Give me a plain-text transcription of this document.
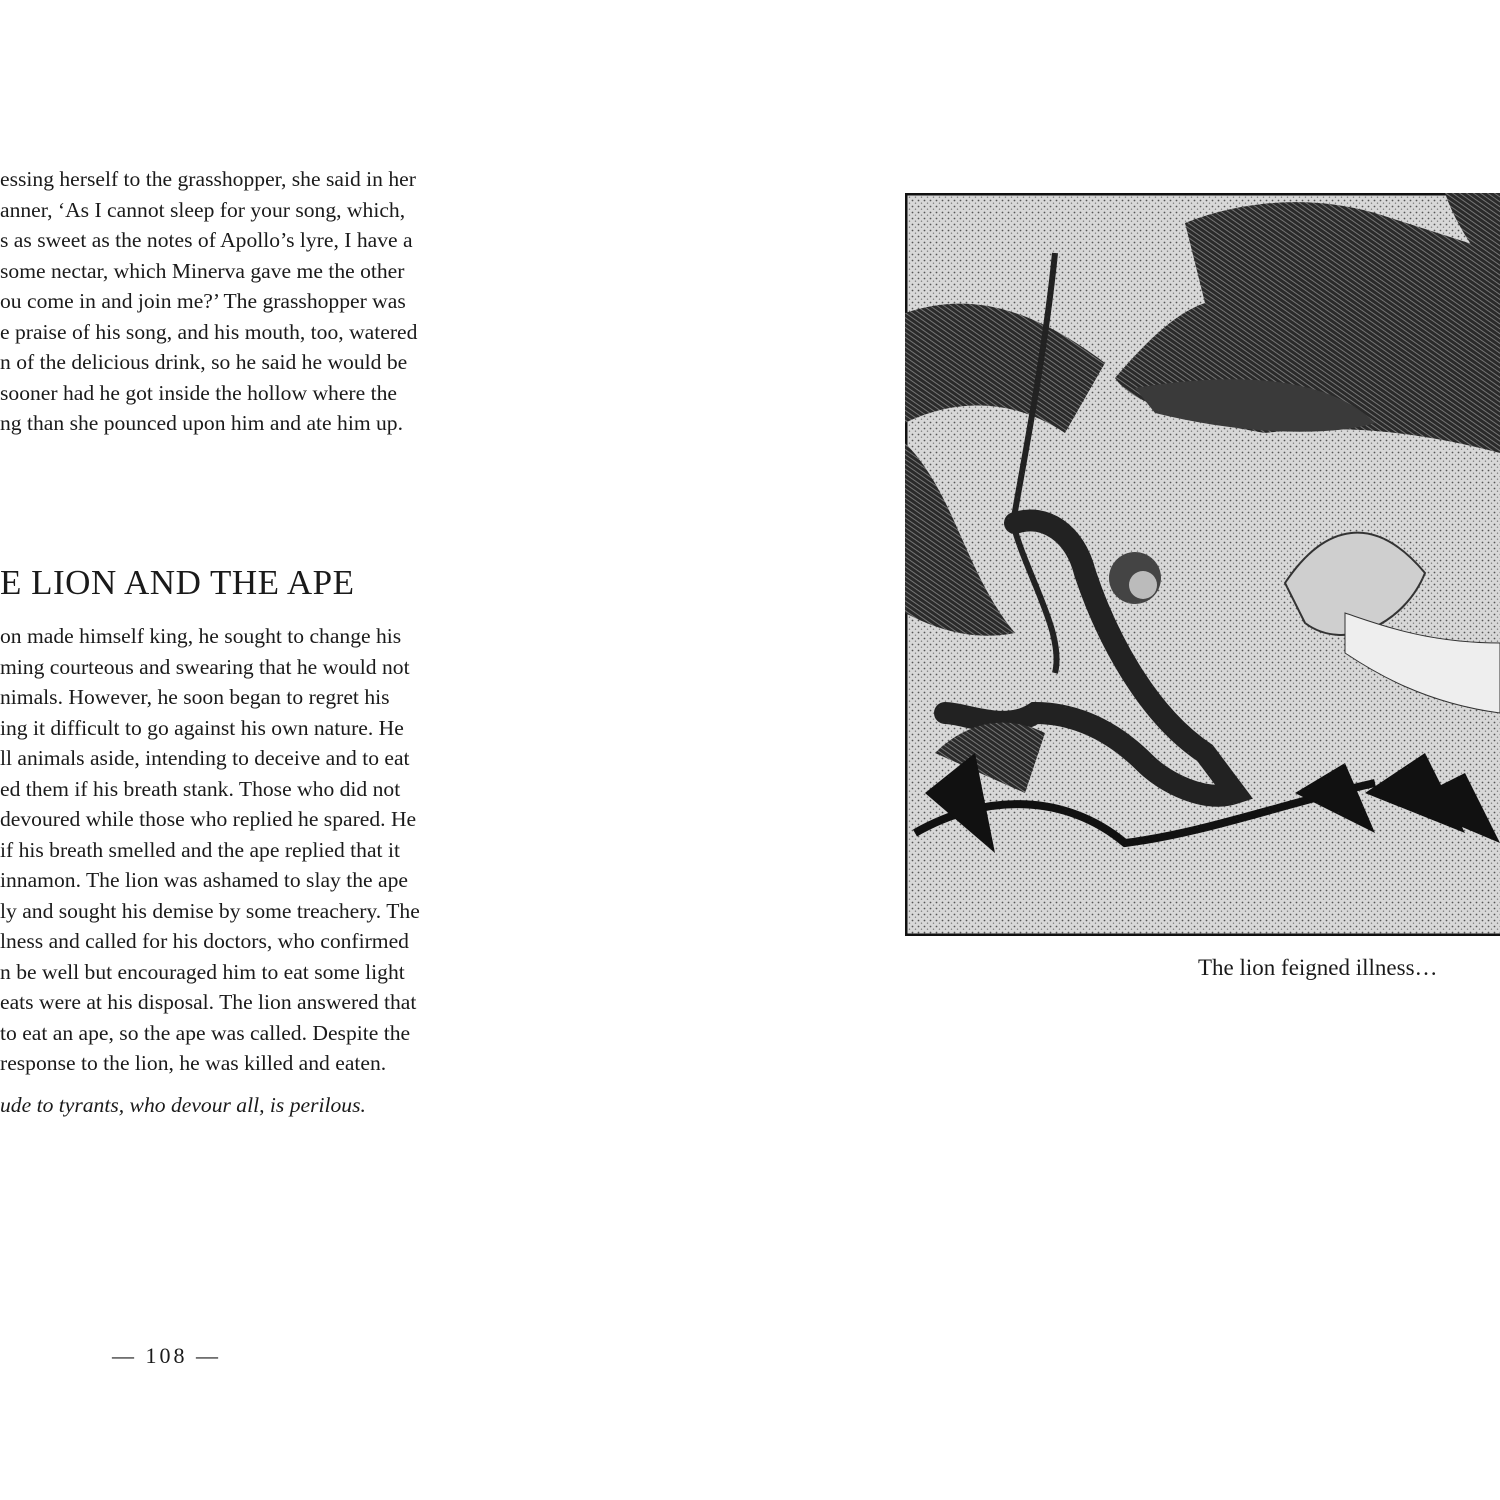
essing herself to the grasshopper, she said in her
anner, ‘As I cannot sleep for your song, which,
s as sweet as the notes of Apollo’s lyre, I have a
some nectar, which Minerva gave me the other
ou come in and join me?’ The grasshopper was
e praise of his song, and his mouth, too, watered
n of the delicious drink, so he said he would be
sooner had he got inside the hollow where the
ng than she pounced upon him and ate him up.
E LION AND THE APE
on made himself king, he sought to change his
ming courteous and swearing that he would not
nimals. However, he soon began to regret his
ing it difficult to go against his own nature. He
ll animals aside, intending to deceive and to eat
ed them if his breath stank. Those who did not
devoured while those who replied he spared. He
if his breath smelled and the ape replied that it
innamon. The lion was ashamed to slay the ape
ly and sought his demise by some treachery. The
lness and called for his doctors, who confirmed
n be well but encouraged him to eat some light
eats were at his disposal. The lion answered that
to eat an ape, so the ape was called. Despite the
response to the lion, he was killed and eaten.
ude to tyrants, who devour all, is perilous.
— 108 —
The lion feigned illness…
